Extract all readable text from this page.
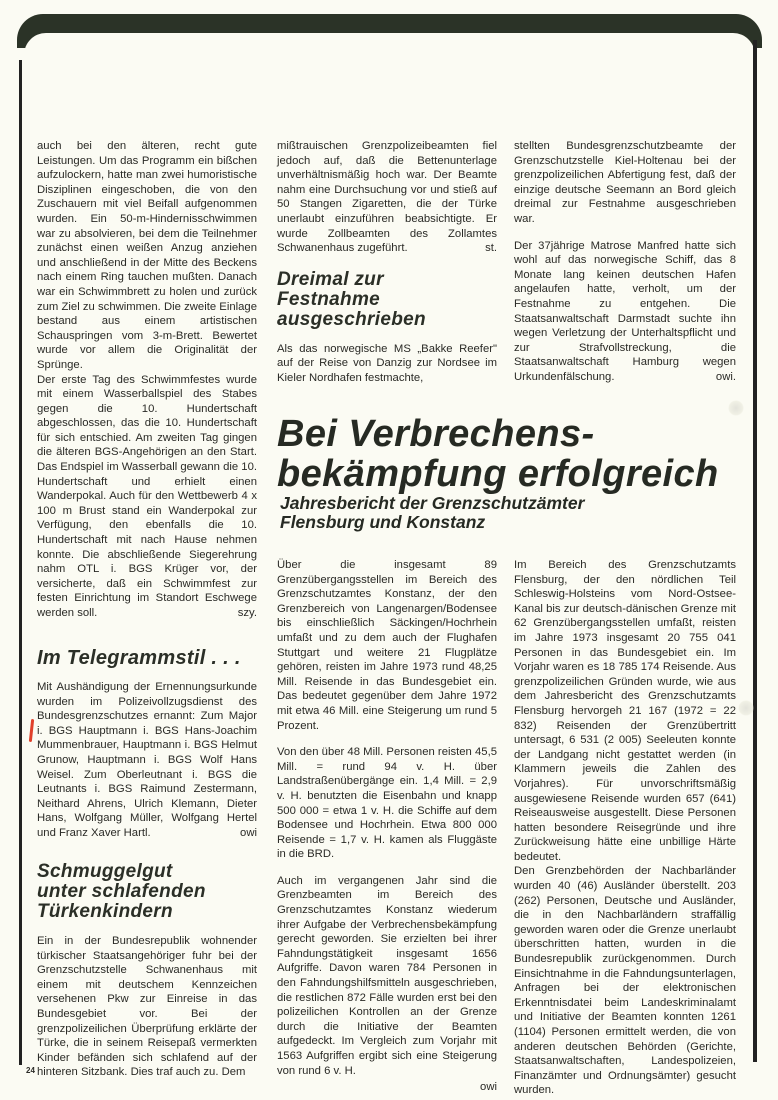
auch bei den älteren, recht gute Leistungen. Um das Programm ein bißchen aufzulockern, hatte man zwei humoristische Disziplinen eingeschoben, die von den Zuschauern mit viel Beifall aufgenommen wurden. Ein 50-m-Hindernisschwimmen war zu absolvieren, bei dem die Teilnehmer zunächst einen weißen Anzug anziehen und anschließend in der Mitte des Beckens nach einem Ring tauchen mußten. Danach war ein Schwimmbrett zu holen und zurück zum Ziel zu schwimmen. Die zweite Einlage bestand aus einem artistischen Schauspringen vom 3-m-Brett. Bewertet wurde vor allem die Originalität der Sprünge.

Der erste Tag des Schwimmfestes wurde mit einem Wasserballspiel des Stabes gegen die 10. Hundertschaft abgeschlossen, das die 10. Hundertschaft für sich entschied. Am zweiten Tag gingen die älteren BGS-Angehörigen an den Start. Das Endspiel im Wasserball gewann die 10. Hundertschaft und erhielt einen Wanderpokal. Auch für den Wettbewerb 4 x 100 m Brust stand ein Wanderpokal zur Verfügung, den ebenfalls die 10. Hundertschaft mit nach Hause nehmen konnte. Die abschließende Siegerehrung nahm OTL i. BGS Krüger vor, der versicherte, daß ein Schwimmfest zur festen Einrichtung im Standort Eschwege werden soll.	szy.

Im Telegrammstil . . .

Mit Aushändigung der Ernennungsurkunde wurden im Polizeivollzugsdienst des Bundesgrenzschutzes ernannt: Zum Major i. BGS Hauptmann i. BGS Hans-Joachim Mummenbrauer, Hauptmann i. BGS Helmut Grunow, Hauptmann i. BGS Wolf Hans Weisel. Zum Oberleutnant i. BGS die Leutnants i. BGS Raimund Zestermann, Neithard Ahrens, Ulrich Klemann, Dieter Hans, Wolfgang Müller, Wolfgang Hertel und Franz Xaver Hartl.	owi

Schmuggelgut
unter schlafenden
Türkenkindern

Ein in der Bundesrepublik wohnender türkischer Staatsangehöriger fuhr bei der Grenzschutzstelle Schwanenhaus mit einem mit deutschem Kennzeichen versehenen Pkw zur Einreise in das Bundesgebiet vor. Bei der grenzpolizeilichen Überprüfung erklärte der Türke, die in seinem Reisepaß vermerkten Kinder befänden sich schlafend auf der hinteren Sitzbank. Dies traf auch zu. Dem

24

mißtrauischen Grenzpolizeibeamten fiel jedoch auf, daß die Bettenunterlage unverhältnismäßig hoch war. Der Beamte nahm eine Durchsuchung vor und stieß auf 50 Stangen Zigaretten, die der Türke unerlaubt einzuführen beabsichtigte. Er wurde Zollbeamten des Zollamtes Schwanenhaus zugeführt.	st.

Dreimal zur
Festnahme
ausgeschrieben

Als das norwegische MS „Bakke Reefer" auf der Reise von Danzig zur Nordsee im Kieler Nordhafen festmachte,

stellten Bundesgrenzschutzbeamte der Grenzschutzstelle Kiel-Holtenau bei der grenzpolizeilichen Abfertigung fest, daß der einzige deutsche Seemann an Bord gleich dreimal zur Festnahme ausgeschrieben war.

Der 37jährige Matrose Manfred hatte sich wohl auf das norwegische Schiff, das 8 Monate lang keinen deutschen Hafen angelaufen hatte, verholt, um der Festnahme zu entgehen. Die Staatsanwaltschaft Darmstadt suchte ihn wegen Verletzung der Unterhaltspflicht und zur Strafvollstreckung, die Staatsanwaltschaft Hamburg wegen Urkundenfälschung.	owi.

Bei Verbrechens-
bekämpfung erfolgreich
Jahresbericht der Grenzschutzämter
Flensburg und Konstanz

Über die insgesamt 89 Grenzübergangsstellen im Bereich des Grenzschutzamtes Konstanz, der den Grenzbereich von Langenargen/Bodensee bis einschließlich Säckingen/Hochrhein umfaßt und zu dem auch der Flughafen Stuttgart und weitere 21 Flugplätze gehören, reisten im Jahre 1973 rund 48,25 Mill. Reisende in das Bundesgebiet ein. Das bedeutet gegenüber dem Jahre 1972 mit etwa 46 Mill. eine Steigerung um rund 5 Prozent.

Von den über 48 Mill. Personen reisten 45,5 Mill. = rund 94 v. H. über Landstraßenübergänge ein. 1,4 Mill. = 2,9 v. H. benutzten die Eisenbahn und knapp 500 000 = etwa 1 v. H. die Schiffe auf dem Bodensee und Hochrhein. Etwa 800 000 Reisende = 1,7 v. H. kamen als Fluggäste in die BRD.

Auch im vergangenen Jahr sind die Grenzbeamten im Bereich des Grenzschutzamtes Konstanz wiederum ihrer Aufgabe der Verbrechensbekämpfung gerecht geworden. Sie erzielten bei ihrer Fahndungstätigkeit insgesamt 1656 Aufgriffe. Davon waren 784 Personen in den Fahndungshilfsmitteln ausgeschrieben, die restlichen 872 Fälle wurden erst bei den polizeilichen Kontrollen an der Grenze durch die Initiative der Beamten aufgedeckt. Im Vergleich zum Vorjahr mit 1563 Aufgriffen ergibt sich eine Steigerung von rund 6 v. H.

owi

Im Bereich des Grenzschutzamts Flensburg, der den nördlichen Teil Schleswig-Holsteins vom Nord-Ostsee-Kanal bis zur deutsch-dänischen Grenze mit 62 Grenzübergangsstellen umfaßt, reisten im Jahre 1973 insgesamt 20 755 041 Personen in das Bundesgebiet ein. Im Vorjahr waren es 18 785 174 Reisende. Aus grenzpolizeilichen Gründen wurde, wie aus dem Jahresbericht des Grenzschutzamts Flensburg hervorgeh 21 167 (1972 = 22 832) Reisenden der Grenzübertritt untersagt, 6 531 (2 005) Seeleuten konnte der Landgang nicht gestattet werden (in Klammern jeweils die Zahlen des Vorjahres). Für unvorschriftsmäßig ausgewiesene Reisende wurden 657 (641) Reiseausweise ausgestellt. Diese Personen hatten besondere Reisegründe und ihre Zurückweisung hätte eine unbillige Härte bedeutet.

Den Grenzbehörden der Nachbarländer wurden 40 (46) Ausländer überstellt. 203 (262) Personen, Deutsche und Ausländer, die in den Nachbarländern straffällig geworden waren oder die Grenze unerlaubt überschritten hatten, wurden in die Bundesrepublik zurückgenommen. Durch Einsichtnahme in die Fahndungsunterlagen, Anfragen bei der elektronischen Erkenntnisdatei beim Landeskriminalamt und Initiative der Beamten konnten 1261 (1104) Personen ermittelt werden, die von anderen deutschen Behörden (Gerichte, Staatsanwaltschaften, Landespolizeien, Finanzämter und Ordnungsämter) gesucht wurden.
